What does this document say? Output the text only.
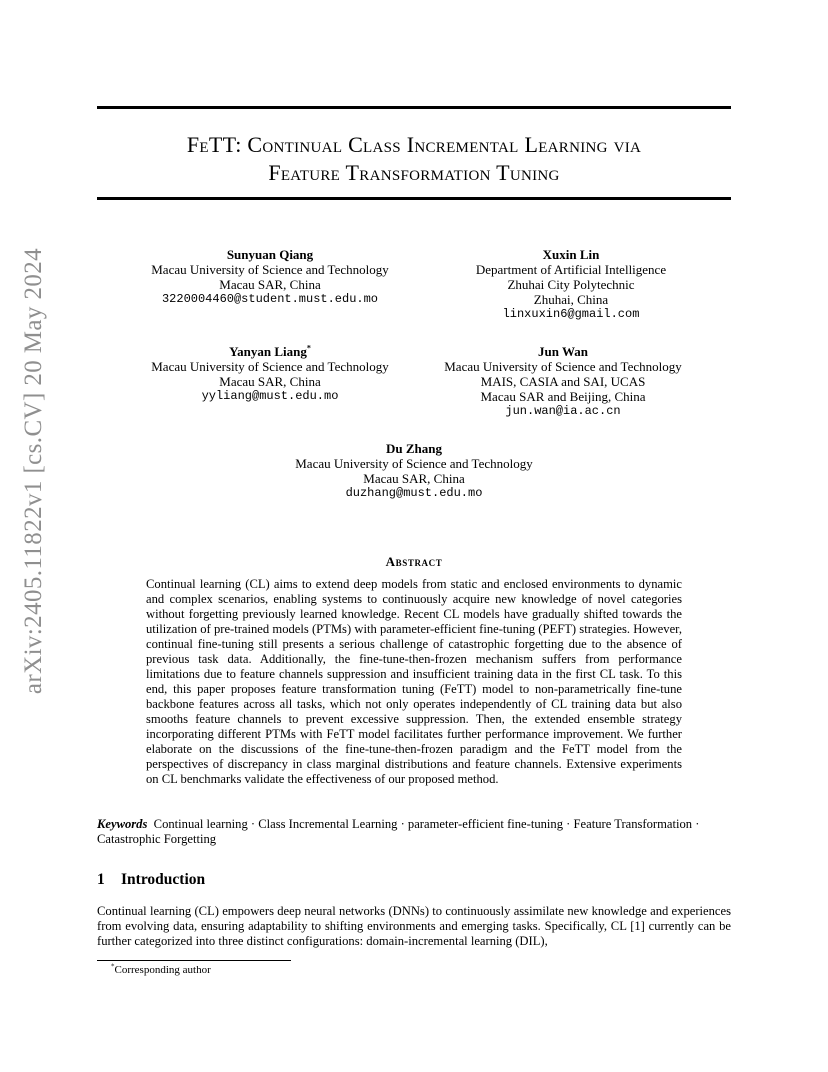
arXiv:2405.11822v1 [cs.CV] 20 May 2024
FeTT: Continual Class Incremental Learning via
Feature Transformation Tuning
Sunyuan Qiang
Macau University of Science and Technology
Macau SAR, China
3220004460@student.must.edu.mo
Xuxin Lin
Department of Artificial Intelligence
Zhuhai City Polytechnic
Zhuhai, China
linxuxin6@gmail.com
Yanyan Liang*
Macau University of Science and Technology
Macau SAR, China
yyliang@must.edu.mo
Jun Wan
Macau University of Science and Technology
MAIS, CASIA and SAI, UCAS
Macau SAR and Beijing, China
jun.wan@ia.ac.cn
Du Zhang
Macau University of Science and Technology
Macau SAR, China
duzhang@must.edu.mo
Abstract
Continual learning (CL) aims to extend deep models from static and enclosed environments to dynamic and complex scenarios, enabling systems to continuously acquire new knowledge of novel categories without forgetting previously learned knowledge. Recent CL models have gradually shifted towards the utilization of pre-trained models (PTMs) with parameter-efficient fine-tuning (PEFT) strategies. However, continual fine-tuning still presents a serious challenge of catastrophic forgetting due to the absence of previous task data. Additionally, the fine-tune-then-frozen mechanism suffers from performance limitations due to feature channels suppression and insufficient training data in the first CL task. To this end, this paper proposes feature transformation tuning (FeTT) model to non-parametrically fine-tune backbone features across all tasks, which not only operates independently of CL training data but also smooths feature channels to prevent excessive suppression. Then, the extended ensemble strategy incorporating different PTMs with FeTT model facilitates further performance improvement. We further elaborate on the discussions of the fine-tune-then-frozen paradigm and the FeTT model from the perspectives of discrepancy in class marginal distributions and feature channels. Extensive experiments on CL benchmarks validate the effectiveness of our proposed method.
Keywords Continual learning · Class Incremental Learning · parameter-efficient fine-tuning · Feature Transformation · Catastrophic Forgetting
1 Introduction
Continual learning (CL) empowers deep neural networks (DNNs) to continuously assimilate new knowledge and experiences from evolving data, ensuring adaptability to shifting environments and emerging tasks. Specifically, CL [1] currently can be further categorized into three distinct configurations: domain-incremental learning (DIL),
*Corresponding author
